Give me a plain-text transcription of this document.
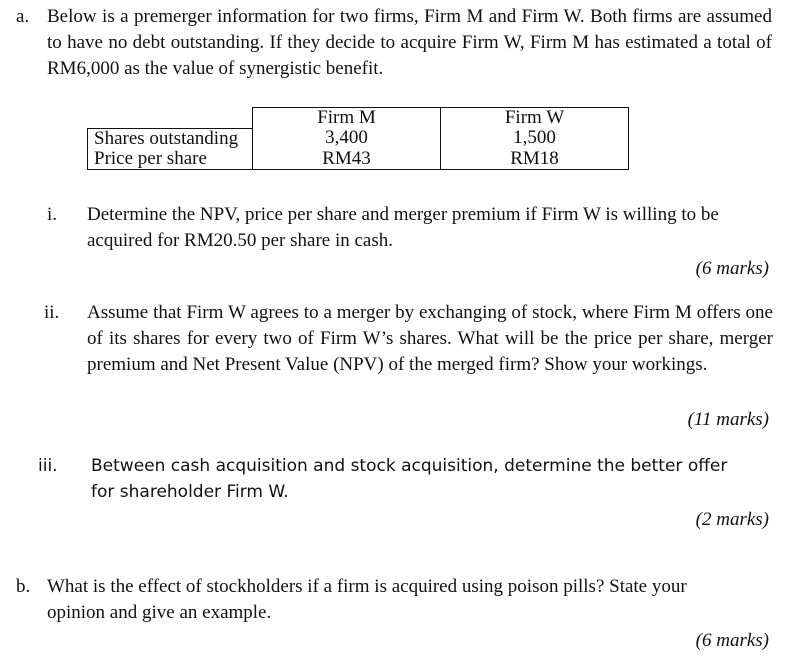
a. Below is a premerger information for two firms, Firm M and Firm W. Both firms are assumed to have no debt outstanding. If they decide to acquire Firm W, Firm M has estimated a total of RM6,000 as the value of synergistic benefit.
	Firm M	Firm W
Shares outstanding	3,400	1,500
Price per share	RM43	RM18
i. Determine the NPV, price per share and merger premium if Firm W is willing to be acquired for RM20.50 per share in cash.
(6 marks)
ii. Assume that Firm W agrees to a merger by exchanging of stock, where Firm M offers one of its shares for every two of Firm W’s shares. What will be the price per share, merger premium and Net Present Value (NPV) of the merged firm? Show your workings.
(11 marks)
iii. Between cash acquisition and stock acquisition, determine the better offer for shareholder Firm W.
(2 marks)
b. What is the effect of stockholders if a firm is acquired using poison pills? State your opinion and give an example.
(6 marks)
